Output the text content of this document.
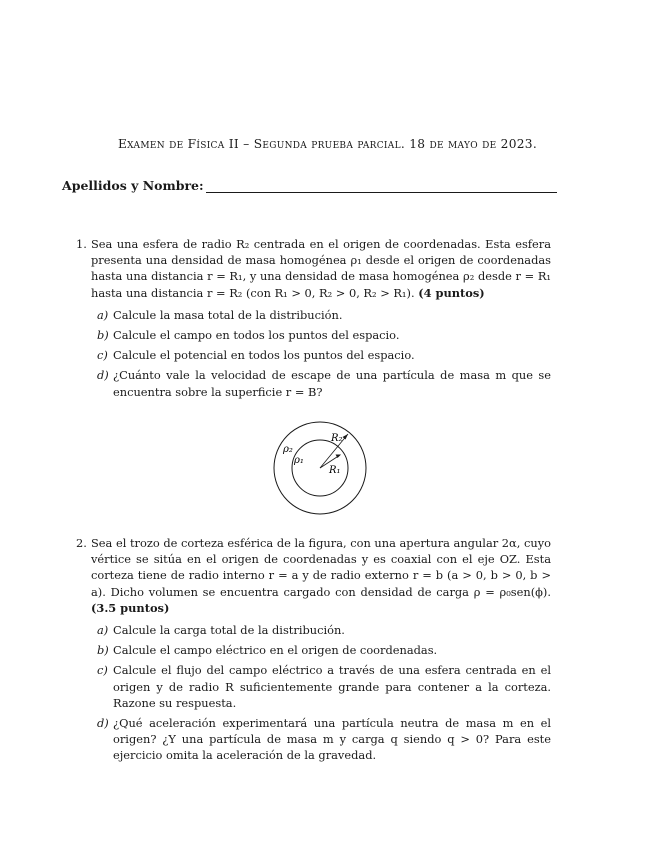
Examen de Física II – Segunda prueba parcial. 18 de mayo de 2023.
Apellidos y Nombre:
1. Sea una esfera de radio R₂ centrada en el origen de coordenadas. Esta esfera presenta una densidad de masa homogénea ρ₁ desde el origen de coordenadas hasta una distancia r = R₁, y una densidad de masa homogénea ρ₂ desde r = R₁ hasta una distancia r = R₂ (con R₁ > 0, R₂ > 0, R₂ > R₁). (4 puntos)
a) Calcule la masa total de la distribución.
b) Calcule el campo en todos los puntos del espacio.
c) Calcule el potencial en todos los puntos del espacio.
d) ¿Cuánto vale la velocidad de escape de una partícula de masa m que se encuentra sobre la superficie r = B?
ρ₂
ρ₁
R₂
R₁
2. Sea el trozo de corteza esférica de la figura, con una apertura angular 2α, cuyo vértice se sitúa en el origen de coordenadas y es coaxial con el eje OZ. Esta corteza tiene de radio interno r = a y de radio externo r = b (a > 0, b > 0, b > a). Dicho volumen se encuentra cargado con densidad de carga ρ = ρ₀sen(ϕ). (3.5 puntos)
a) Calcule la carga total de la distribución.
b) Calcule el campo eléctrico en el origen de coordenadas.
c) Calcule el flujo del campo eléctrico a través de una esfera centrada en el origen y de radio R suficientemente grande para contener a la corteza. Razone su respuesta.
d) ¿Qué aceleración experimentará una partícula neutra de masa m en el origen? ¿Y una partícula de masa m y carga q siendo q > 0? Para este ejercicio omita la aceleración de la gravedad.
